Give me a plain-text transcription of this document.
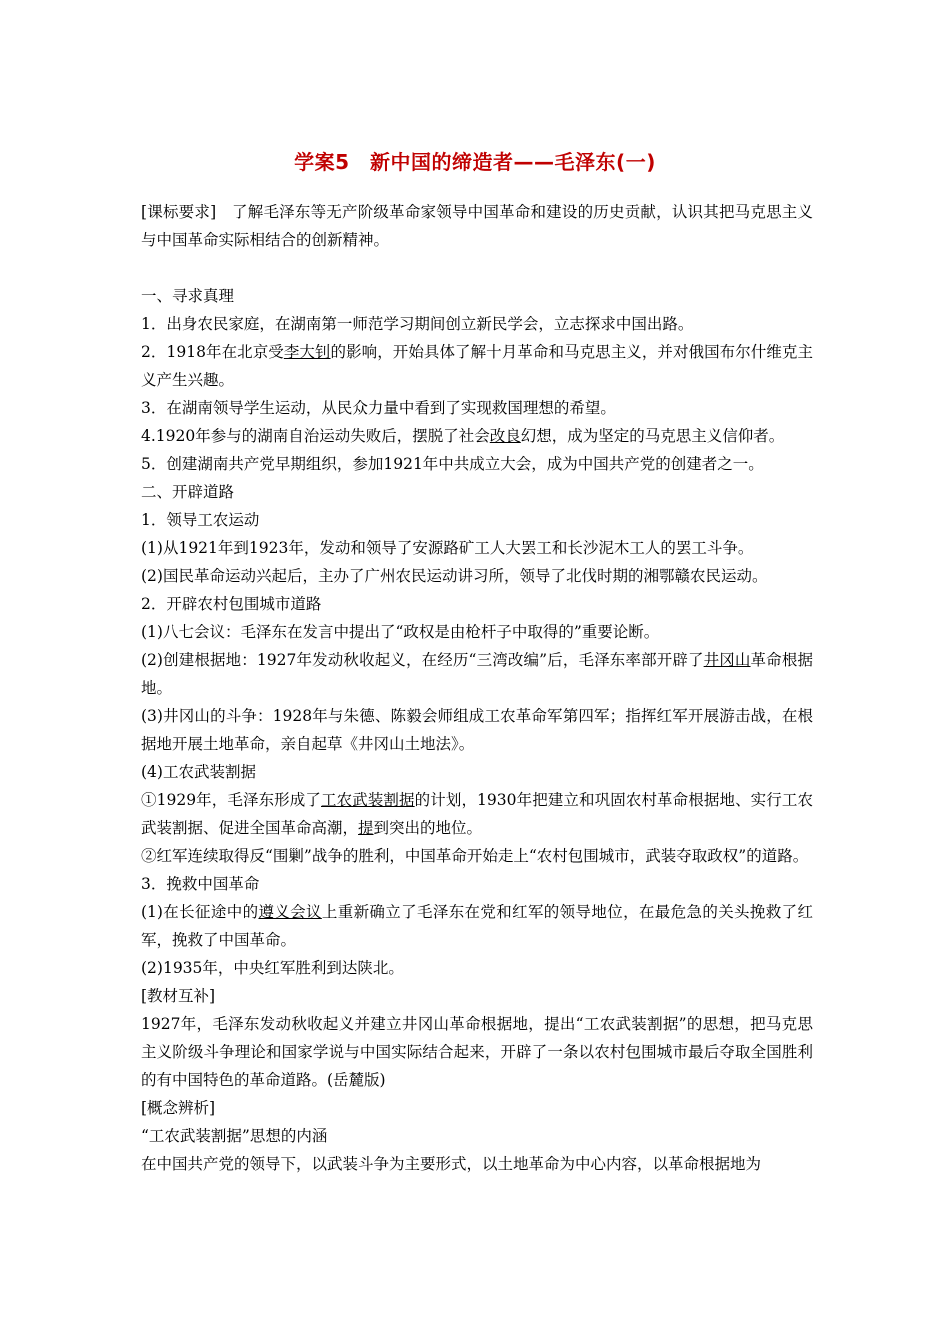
学案5　新中国的缔造者——毛泽东(一)

[课标要求]　了解毛泽东等无产阶级革命家领导中国革命和建设的历史贡献，认识其把马克思主义与中国革命实际相结合的创新精神。

一、寻求真理

1．出身农民家庭，在湖南第一师范学习期间创立新民学会，立志探求中国出路。

2．1918年在北京受李大钊的影响，开始具体了解十月革命和马克思主义，并对俄国布尔什维克主义产生兴趣。

3．在湖南领导学生运动，从民众力量中看到了实现救国理想的希望。

4.1920年参与的湖南自治运动失败后，摆脱了社会改良幻想，成为坚定的马克思主义信仰者。

5．创建湖南共产党早期组织，参加1921年中共成立大会，成为中国共产党的创建者之一。

二、开辟道路

1．领导工农运动

(1)从1921年到1923年，发动和领导了安源路矿工人大罢工和长沙泥木工人的罢工斗争。

(2)国民革命运动兴起后，主办了广州农民运动讲习所，领导了北伐时期的湘鄂赣农民运动。

2．开辟农村包围城市道路

(1)八七会议：毛泽东在发言中提出了“政权是由枪杆子中取得的”重要论断。

(2)创建根据地：1927年发动秋收起义，在经历“三湾改编”后，毛泽东率部开辟了井冈山革命根据地。

(3)井冈山的斗争：1928年与朱德、陈毅会师组成工农革命军第四军；指挥红军开展游击战，在根据地开展土地革命，亲自起草《井冈山土地法》。

(4)工农武装割据

①1929年，毛泽东形成了工农武装割据的计划，1930年把建立和巩固农村革命根据地、实行工农武装割据、促进全国革命高潮，提到突出的地位。

②红军连续取得反“围剿”战争的胜利，中国革命开始走上“农村包围城市，武装夺取政权”的道路。

3．挽救中国革命

(1)在长征途中的遵义会议上重新确立了毛泽东在党和红军的领导地位，在最危急的关头挽救了红军，挽救了中国革命。

(2)1935年，中央红军胜利到达陕北。

[教材互补]

1927年，毛泽东发动秋收起义并建立井冈山革命根据地，提出“工农武装割据”的思想，把马克思主义阶级斗争理论和国家学说与中国实际结合起来，开辟了一条以农村包围城市最后夺取全国胜利的有中国特色的革命道路。(岳麓版)

[概念辨析]

“工农武装割据”思想的内涵

在中国共产党的领导下，以武装斗争为主要形式，以土地革命为中心内容，以革命根据地为
